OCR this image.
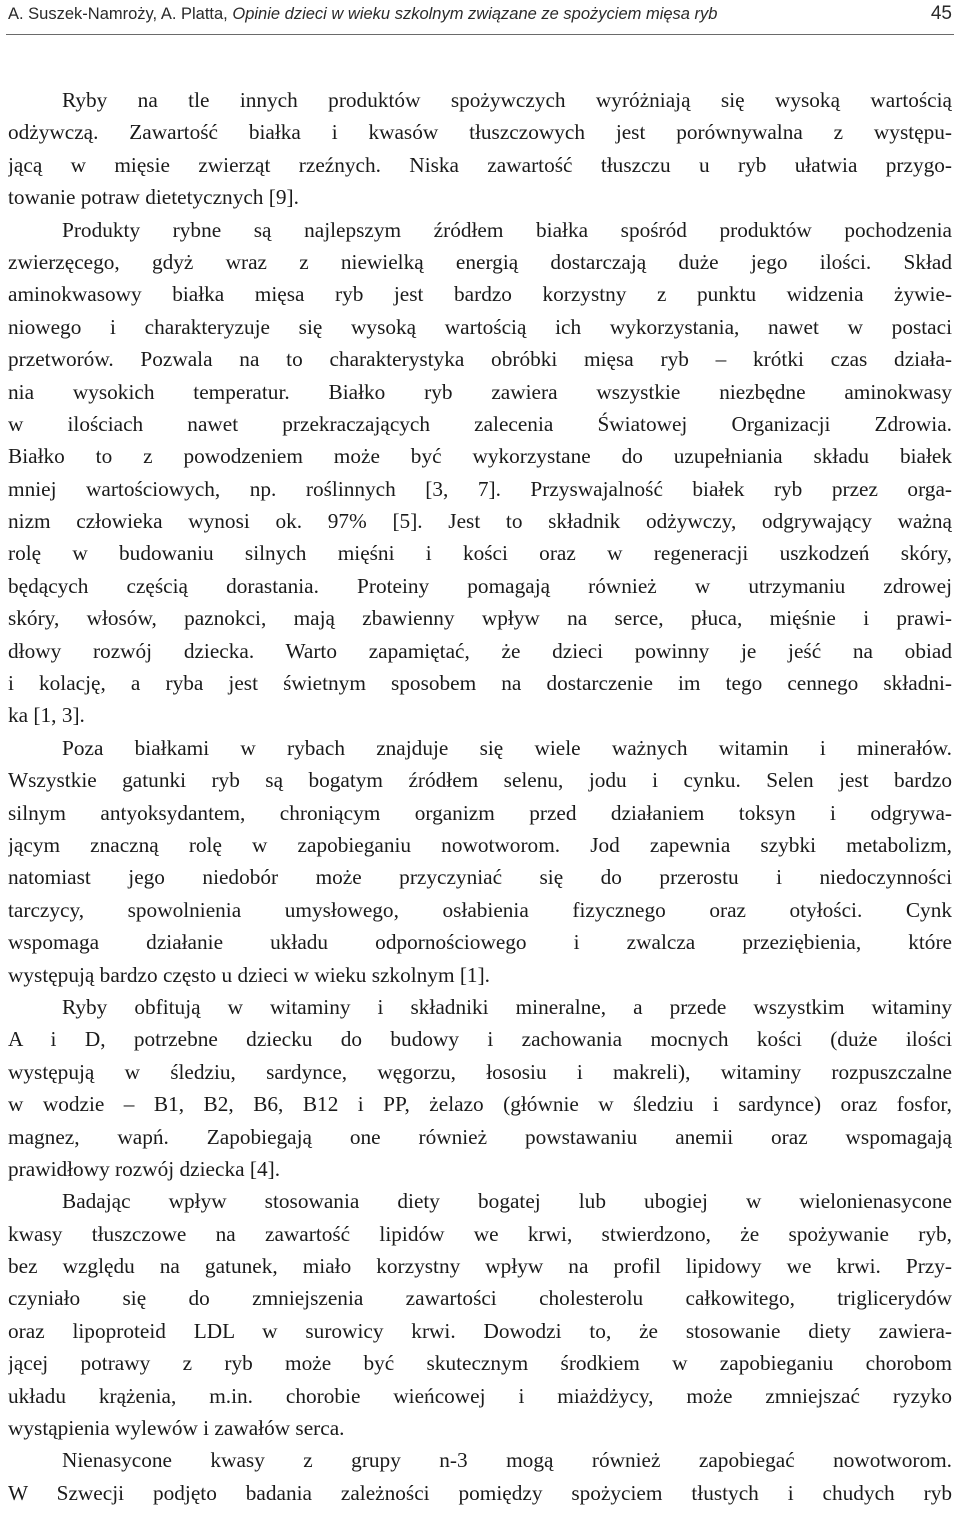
A. Suszek-Namroży, A. Platta, Opinie dzieci w wieku szkolnym związane ze spożyciem mięsa ryb	45
Ryby na tle innych produktów spożywczych wyróżniają się wysoką wartością
odżywczą. Zawartość białka i kwasów tłuszczowych jest porównywalna z występu-
jącą w mięsie zwierząt rzeźnych. Niska zawartość tłuszczu u ryb ułatwia przygo-
towanie potraw dietetycznych [9].
Produkty rybne są najlepszym źródłem białka spośród produktów pochodzenia
zwierzęcego, gdyż wraz z niewielką energią dostarczają duże jego ilości. Skład
aminokwasowy białka mięsa ryb jest bardzo korzystny z punktu widzenia żywie-
niowego i charakteryzuje się wysoką wartością ich wykorzystania, nawet w postaci
przetworów. Pozwala na to charakterystyka obróbki mięsa ryb – krótki czas działa-
nia wysokich temperatur. Białko ryb zawiera wszystkie niezbędne aminokwasy
w ilościach nawet przekraczających zalecenia Światowej Organizacji Zdrowia.
Białko to z powodzeniem może być wykorzystane do uzupełniania składu białek
mniej wartościowych, np. roślinnych [3, 7]. Przyswajalność białek ryb przez orga-
nizm człowieka wynosi ok. 97% [5]. Jest to składnik odżywczy, odgrywający ważną
rolę w budowaniu silnych mięśni i kości oraz w regeneracji uszkodzeń skóry,
będących częścią dorastania. Proteiny pomagają również w utrzymaniu zdrowej
skóry, włosów, paznokci, mają zbawienny wpływ na serce, płuca, mięśnie i prawi-
dłowy rozwój dziecka. Warto zapamiętać, że dzieci powinny je jeść na obiad
i kolację, a ryba jest świetnym sposobem na dostarczenie im tego cennego składni-
ka [1, 3].
Poza białkami w rybach znajduje się wiele ważnych witamin i minerałów.
Wszystkie gatunki ryb są bogatym źródłem selenu, jodu i cynku. Selen jest bardzo
silnym antyoksydantem, chroniącym organizm przed działaniem toksyn i odgrywa-
jącym znaczną rolę w zapobieganiu nowotworom. Jod zapewnia szybki metabolizm,
natomiast jego niedobór może przyczyniać się do przerostu i niedoczynności
tarczycy, spowolnienia umysłowego, osłabienia fizycznego oraz otyłości. Cynk
wspomaga działanie układu odpornościowego i zwalcza przeziębienia, które
występują bardzo często u dzieci w wieku szkolnym [1].
Ryby obfitują w witaminy i składniki mineralne, a przede wszystkim witaminy
A i D, potrzebne dziecku do budowy i zachowania mocnych kości (duże ilości
występują w śledziu, sardynce, węgorzu, łososiu i makreli), witaminy rozpuszczalne
w wodzie – B1, B2, B6, B12 i PP, żelazo (głównie w śledziu i sardynce) oraz fosfor,
magnez, wapń. Zapobiegają one również powstawaniu anemii oraz wspomagają
prawidłowy rozwój dziecka [4].
Badając wpływ stosowania diety bogatej lub ubogiej w wielonienasycone
kwasy tłuszczowe na zawartość lipidów we krwi, stwierdzono, że spożywanie ryb,
bez względu na gatunek, miało korzystny wpływ na profil lipidowy we krwi. Przy-
czyniało się do zmniejszenia zawartości cholesterolu całkowitego, triglicerydów
oraz lipoproteid LDL w surowicy krwi. Dowodzi to, że stosowanie diety zawiera-
jącej potrawy z ryb może być skutecznym środkiem w zapobieganiu chorobom
układu krążenia, m.in. chorobie wieńcowej i miażdżycy, może zmniejszać ryzyko
wystąpienia wylewów i zawałów serca.
Nienasycone kwasy z grupy n-3 mogą również zapobiegać nowotworom.
W Szwecji podjęto badania zależności pomiędzy spożyciem tłustych i chudych ryb
